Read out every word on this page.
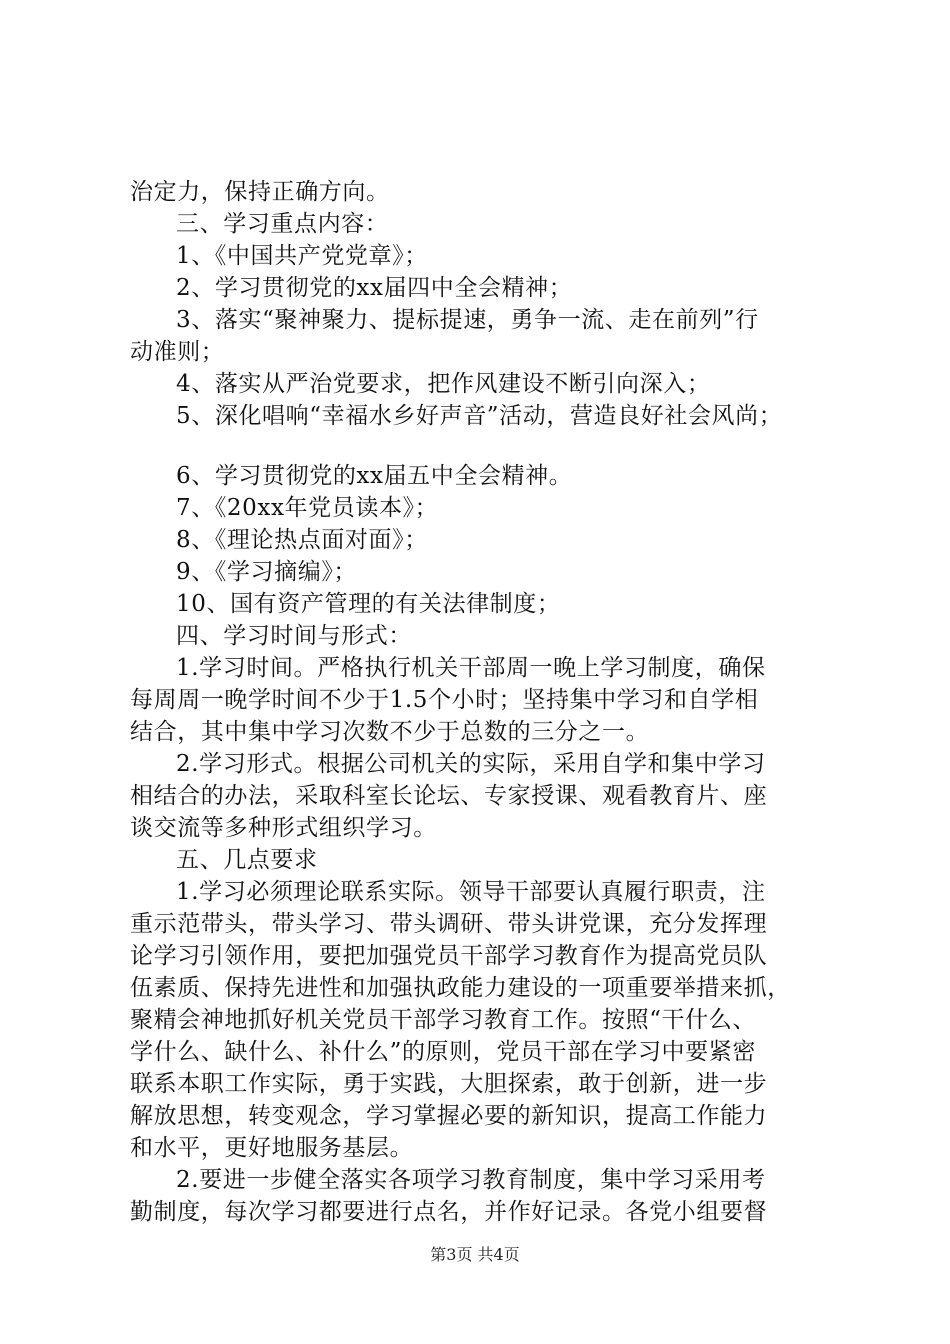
治定力，保持正确方向。
三、学习重点内容：
1、《中国共产党党章》；
2、学习贯彻党的xx届四中全会精神；
3、落实“聚神聚力、提标提速，勇争一流、走在前列”行
动准则；
4、落实从严治党要求，把作风建设不断引向深入；
5、深化唱响“幸福水乡好声音”活动，营造良好社会风尚；
6、学习贯彻党的xx届五中全会精神。
7、《20xx年党员读本》；
8、《理论热点面对面》；
9、《学习摘编》；
10、国有资产管理的有关法律制度；
四、学习时间与形式：
1.学习时间。严格执行机关干部周一晚上学习制度，确保
每周周一晚学时间不少于1.5个小时；坚持集中学习和自学相
结合，其中集中学习次数不少于总数的三分之一。
2.学习形式。根据公司机关的实际，采用自学和集中学习
相结合的办法，采取科室长论坛、专家授课、观看教育片、座
谈交流等多种形式组织学习。
五、几点要求
1.学习必须理论联系实际。领导干部要认真履行职责，注
重示范带头，带头学习、带头调研、带头讲党课，充分发挥理
论学习引领作用，要把加强党员干部学习教育作为提高党员队
伍素质、保持先进性和加强执政能力建设的一项重要举措来抓，
聚精会神地抓好机关党员干部学习教育工作。按照“干什么、
学什么、缺什么、补什么”的原则，党员干部在学习中要紧密
联系本职工作实际，勇于实践，大胆探索，敢于创新，进一步
解放思想，转变观念，学习掌握必要的新知识，提高工作能力
和水平，更好地服务基层。
2.要进一步健全落实各项学习教育制度，集中学习采用考
勤制度，每次学习都要进行点名，并作好记录。各党小组要督
第3页 共4页
